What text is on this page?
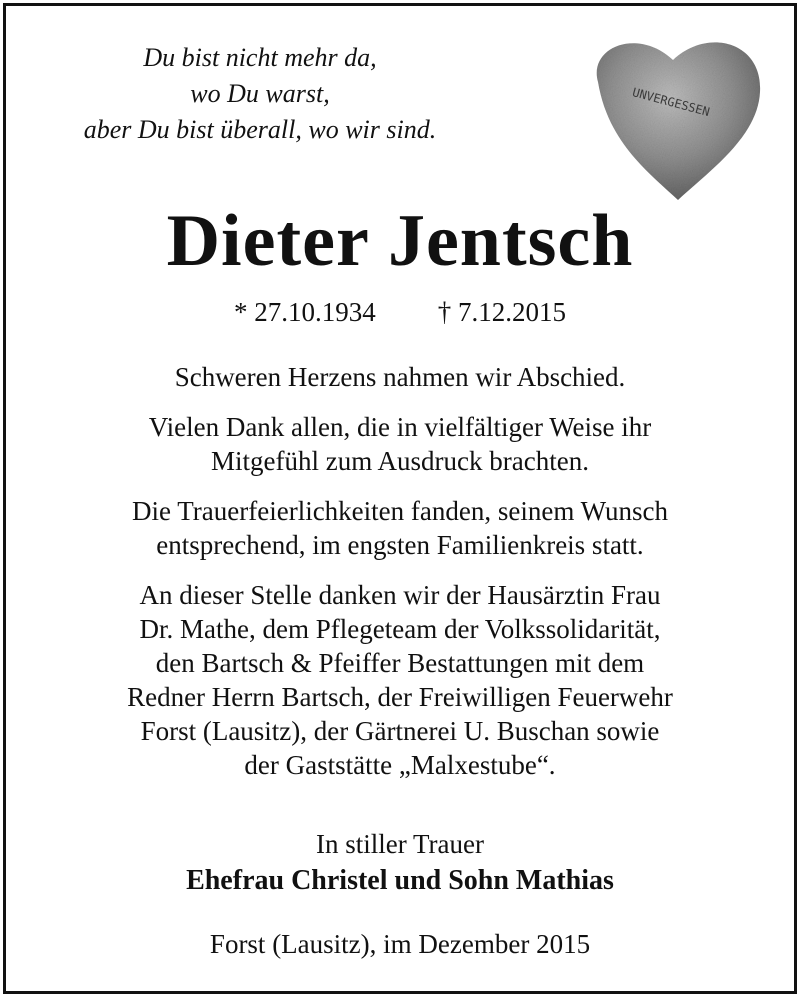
Du bist nicht mehr da,
wo Du warst,
aber Du bist überall, wo wir sind.
UNVERGESSEN
Dieter Jentsch
* 27.10.1934 † 7.12.2015

Schweren Herzens nahmen wir Abschied.

Vielen Dank allen, die in vielfältiger Weise ihr
Mitgefühl zum Ausdruck brachten.

Die Trauerfeierlichkeiten fanden, seinem Wunsch
entsprechend, im engsten Familienkreis statt.

An dieser Stelle danken wir der Hausärztin Frau
Dr. Mathe, dem Pflegeteam der Volkssolidarität,
den Bartsch & Pfeiffer Bestattungen mit dem
Redner Herrn Bartsch, der Freiwilligen Feuerwehr
Forst (Lausitz), der Gärtnerei U. Buschan sowie
der Gaststätte „Malxestube“.

In stiller Trauer
Ehefrau Christel und Sohn Mathias
Forst (Lausitz), im Dezember 2015
